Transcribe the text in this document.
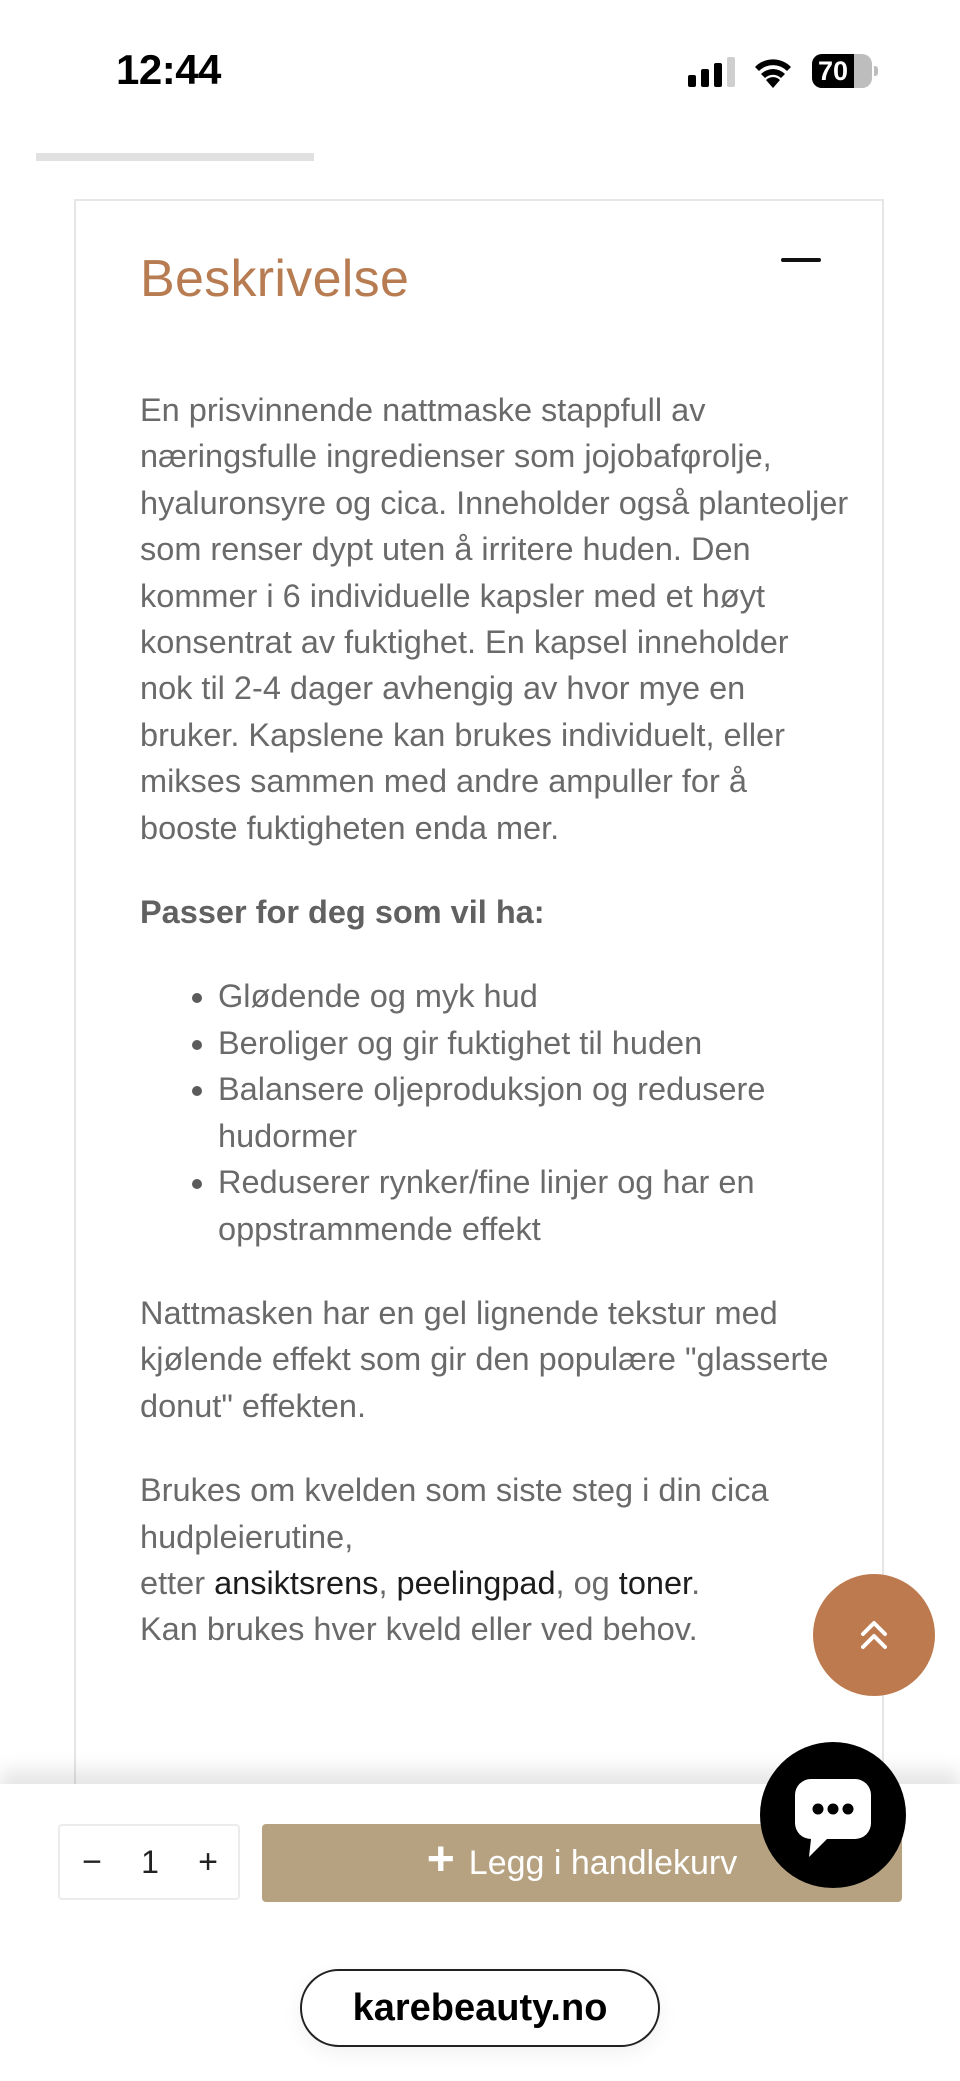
12:44	70
Beskrivelse

En prisvinnende nattmaske stappfull av næringsfulle ingredienser som jojobafφrolje, hyaluronsyre og cica. Inneholder også planteoljer som renser dypt uten å irritere huden. Den kommer i 6 individuelle kapsler med et høyt konsentrat av fuktighet. En kapsel inneholder nok til 2-4 dager avhengig av hvor mye en bruker. Kapslene kan brukes individuelt, eller mikses sammen med andre ampuller for å booste fuktigheten enda mer.

Passer for deg som vil ha:

• Glødende og myk hud
• Beroliger og gir fuktighet til huden
• Balansere oljeproduksjon og redusere hudormer
• Reduserer rynker/fine linjer og har en oppstrammende effekt

Nattmasken har en gel lignende tekstur med kjølende effekt som gir den populære "glasserte donut" effekten.

Brukes om kvelden som siste steg i din cica hudpleierutine,
etter ansiktsrens, peelingpad, og toner.
Kan brukes hver kveld eller ved behov.

−	1	+	+ Legg i handlekurv
karebeauty.no
